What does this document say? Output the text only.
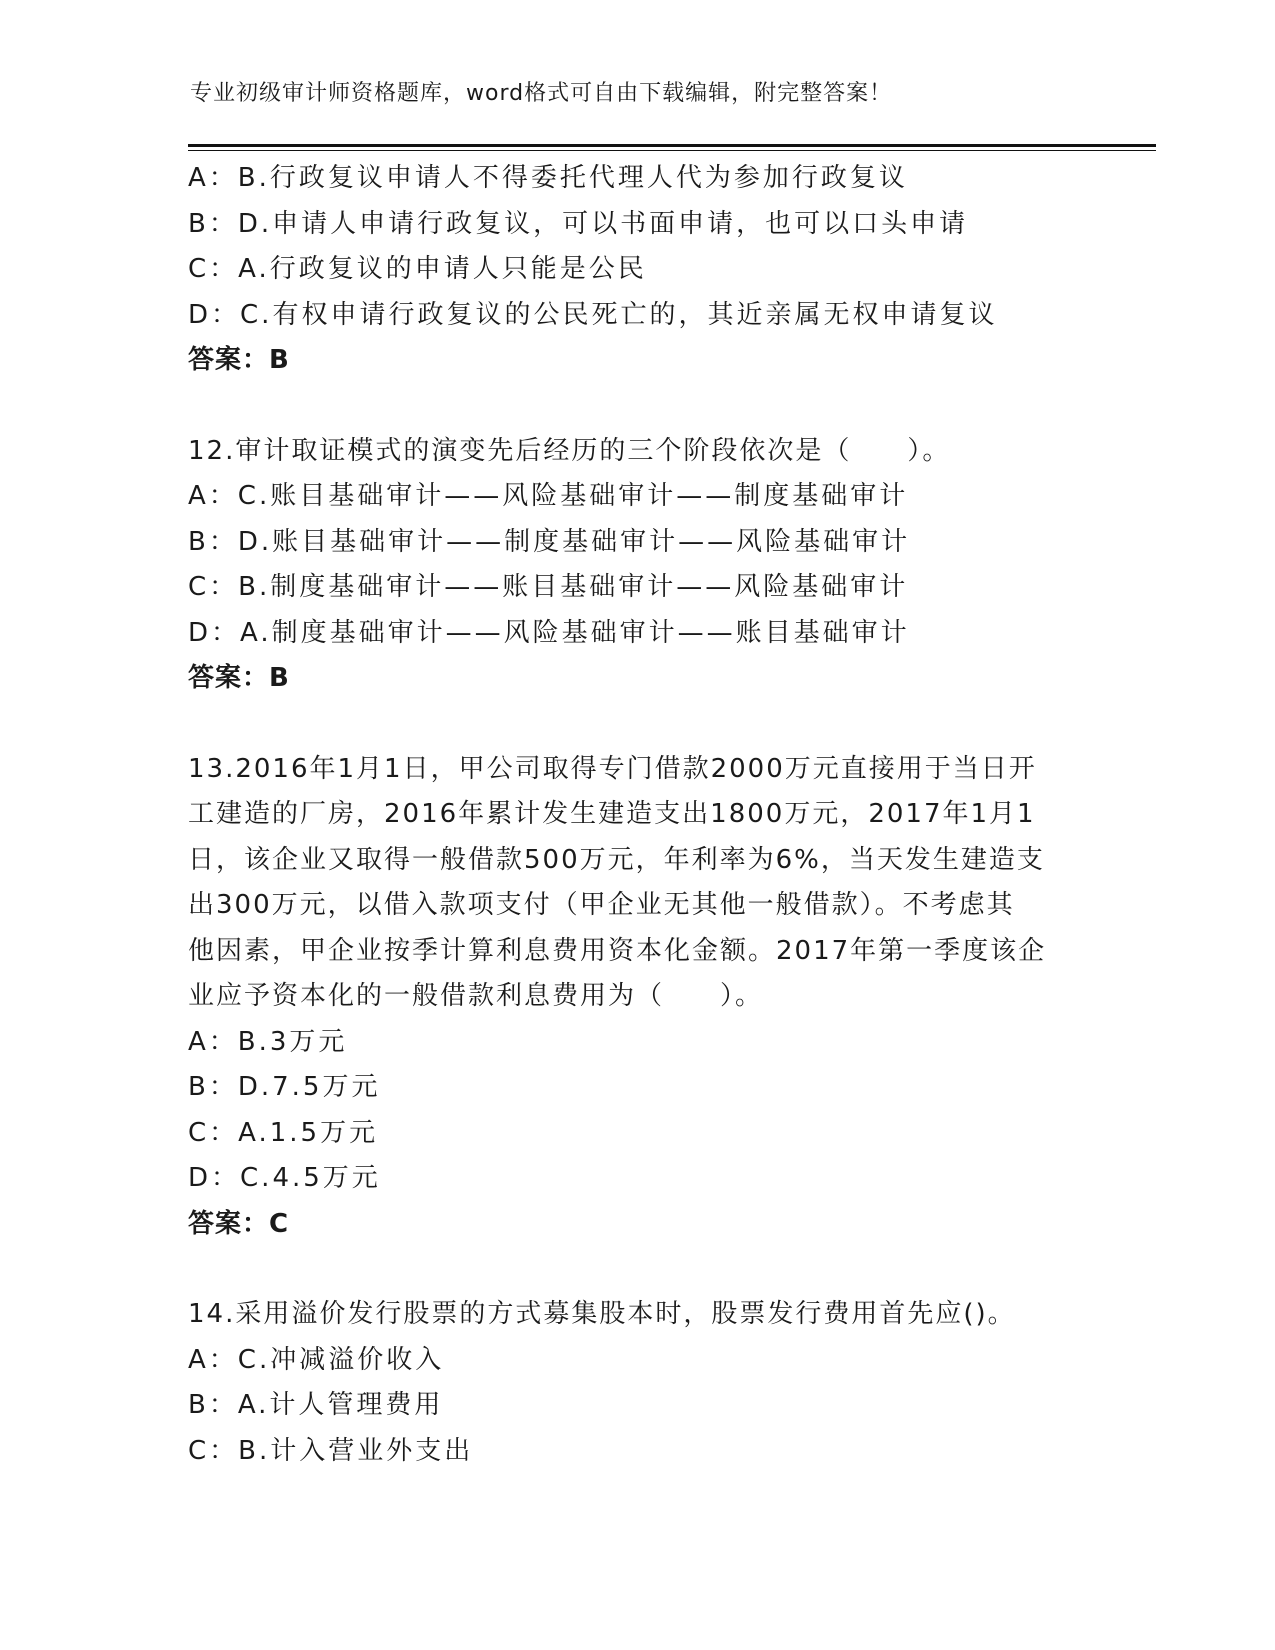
专业初级审计师资格题库，word格式可自由下载编辑，附完整答案！
A：B.行政复议申请人不得委托代理人代为参加行政复议
B：D.申请人申请行政复议，可以书面申请，也可以口头申请
C：A.行政复议的申请人只能是公民
D：C.有权申请行政复议的公民死亡的，其近亲属无权申请复议
答案：B
12.审计取证模式的演变先后经历的三个阶段依次是（　　）。
A：C.账目基础审计——风险基础审计——制度基础审计
B：D.账目基础审计——制度基础审计——风险基础审计
C：B.制度基础审计——账目基础审计——风险基础审计
D：A.制度基础审计——风险基础审计——账目基础审计
答案：B
13.2016年1月1日，甲公司取得专门借款2000万元直接用于当日开
工建造的厂房，2016年累计发生建造支出1800万元，2017年1月1
日，该企业又取得一般借款500万元，年利率为6%，当天发生建造支
出300万元，以借入款项支付（甲企业无其他一般借款）。不考虑其
他因素，甲企业按季计算利息费用资本化金额。2017年第一季度该企
业应予资本化的一般借款利息费用为（　　）。
A：B.3万元
B：D.7.5万元
C：A.1.5万元
D：C.4.5万元
答案：C
14.采用溢价发行股票的方式募集股本时，股票发行费用首先应()。
A：C.冲减溢价收入
B：A.计人管理费用
C：B.计入营业外支出
